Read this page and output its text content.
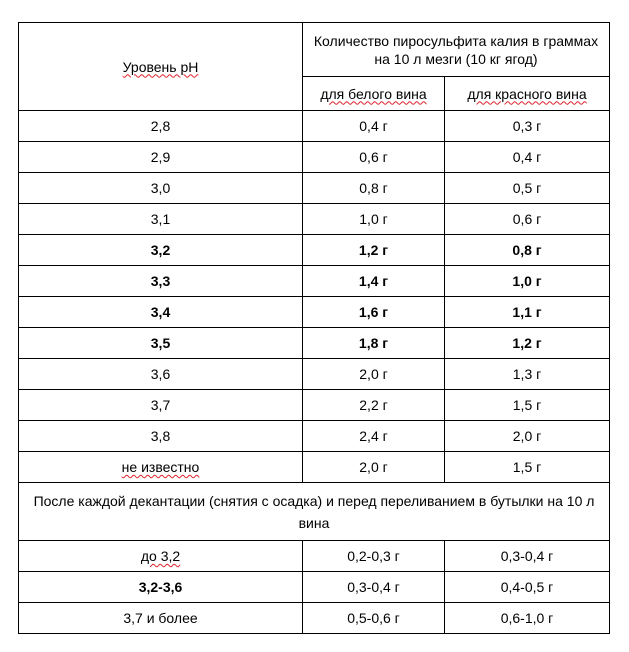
Уровень pH	Количество пиросульфита калия в граммах на 10 л мезги (10 кг ягод)	
	для белого вина	для красного вина
2,8	0,4 г	0,3 г
2,9	0,6 г	0,4 г
3,0	0,8 г	0,5 г
3,1	1,0 г	0,6 г
3,2	1,2 г	0,8 г
3,3	1,4 г	1,0 г
3,4	1,6 г	1,1 г
3,5	1,8 г	1,2 г
3,6	2,0 г	1,3 г
3,7	2,2 г	1,5 г
3,8	2,4 г	2,0 г
не известно	2,0 г	1,5 г
После каждой декантации (снятия с осадка) и перед переливанием в бутылки на 10 л вина		
до 3,2	0,2-0,3 г	0,3-0,4 г
3,2-3,6	0,3-0,4 г	0,4-0,5 г
3,7 и более	0,5-0,6 г	0,6-1,0 г
